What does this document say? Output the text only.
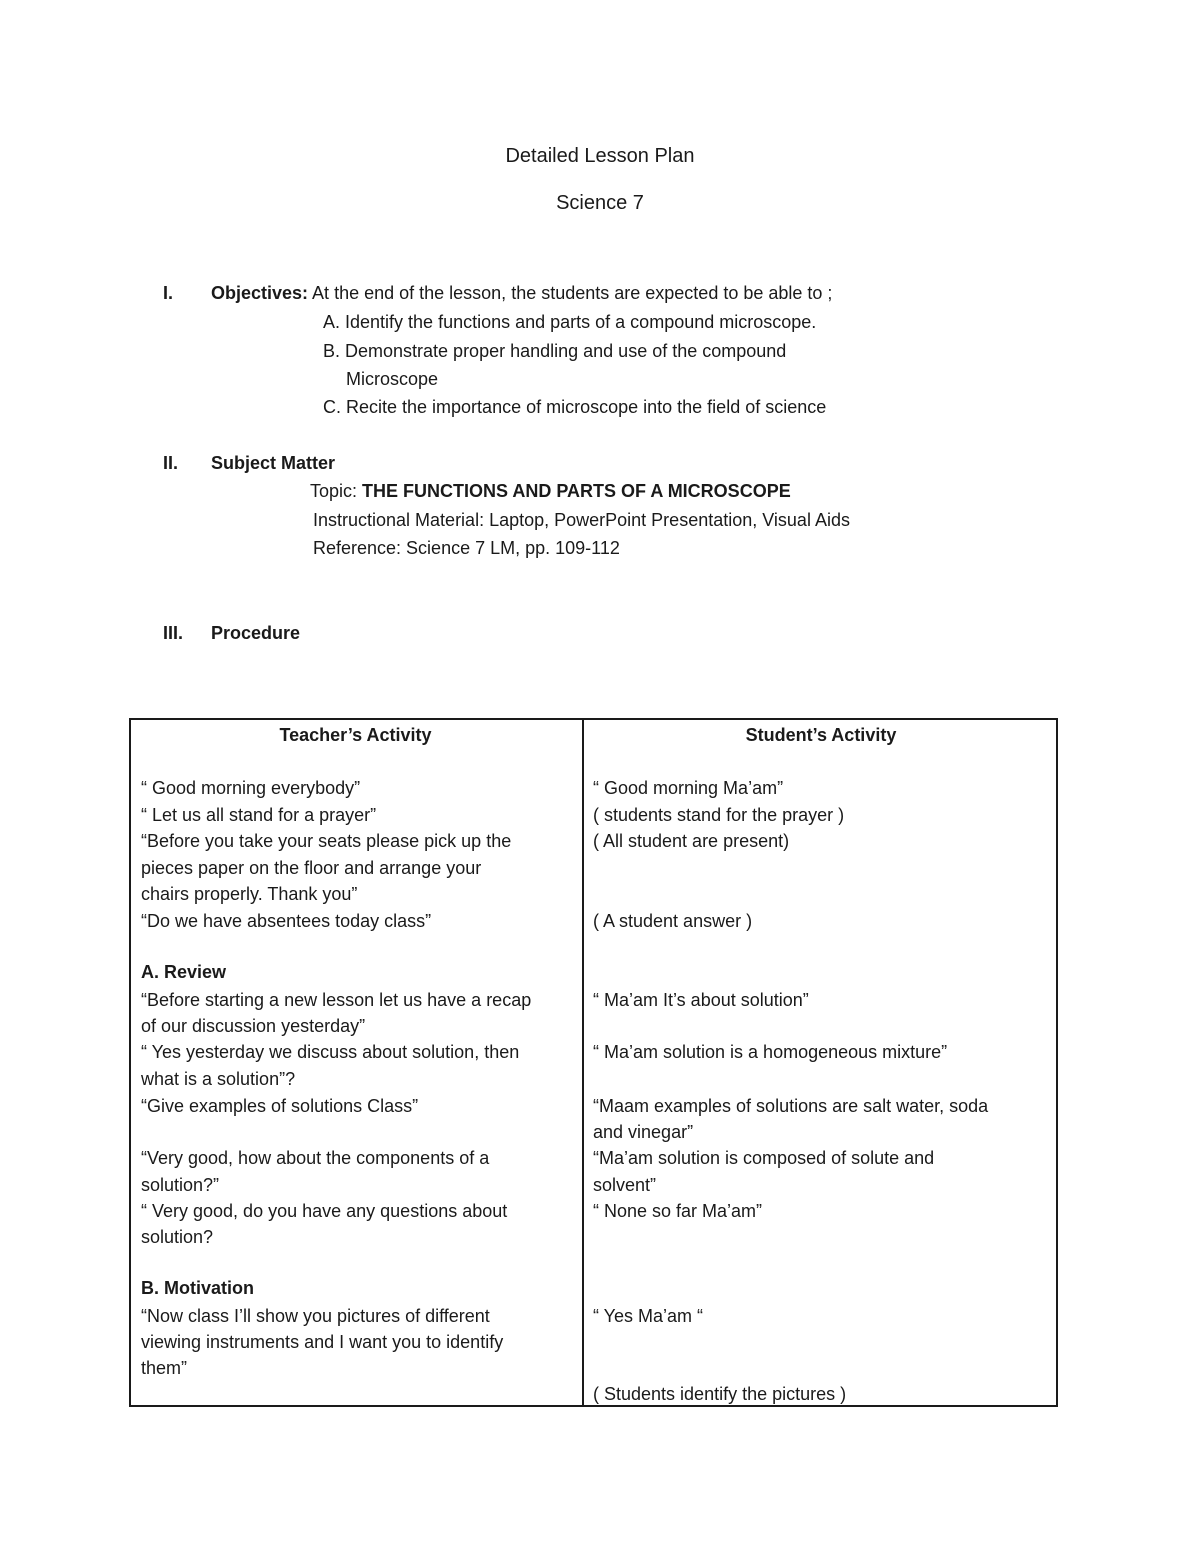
Detailed Lesson Plan
Science 7
I. Objectives: At the end of the lesson, the students are expected to be able to ;
A. Identify the functions and parts of a compound microscope.
B. Demonstrate proper handling and use of the compound
Microscope
C. Recite the importance of microscope into the field of science
II. Subject Matter
Topic: THE FUNCTIONS AND PARTS OF A MICROSCOPE
Instructional Material: Laptop, PowerPoint Presentation, Visual Aids
Reference: Science 7 LM, pp. 109-112
III. Procedure
Teacher’s Activity	Student’s Activity
“ Good morning everybody”
“ Let us all stand for a prayer”
“Before you take your seats please pick up the
pieces paper on the floor and arrange your
chairs properly. Thank you”
“Do we have absentees today class”
A. Review
“Before starting a new lesson let us have a recap
of our discussion yesterday”
“ Yes yesterday we discuss about solution, then
what is a solution”?
“Give examples of solutions Class”
“Very good, how about the components of a
solution?”
“ Very good, do you have any questions about
solution?
B. Motivation
“Now class I’ll show you pictures of different
viewing instruments and I want you to identify
them”
“ Good morning Ma’am”
( students stand for the prayer )
( All student are present)
( A student answer )
“ Ma’am It’s about solution”
“ Ma’am solution is a homogeneous mixture”
“Maam examples of solutions are salt water, soda
and vinegar”
“Ma’am solution is composed of solute and
solvent”
“ None so far Ma’am”
“ Yes Ma’am “
( Students identify the pictures )
